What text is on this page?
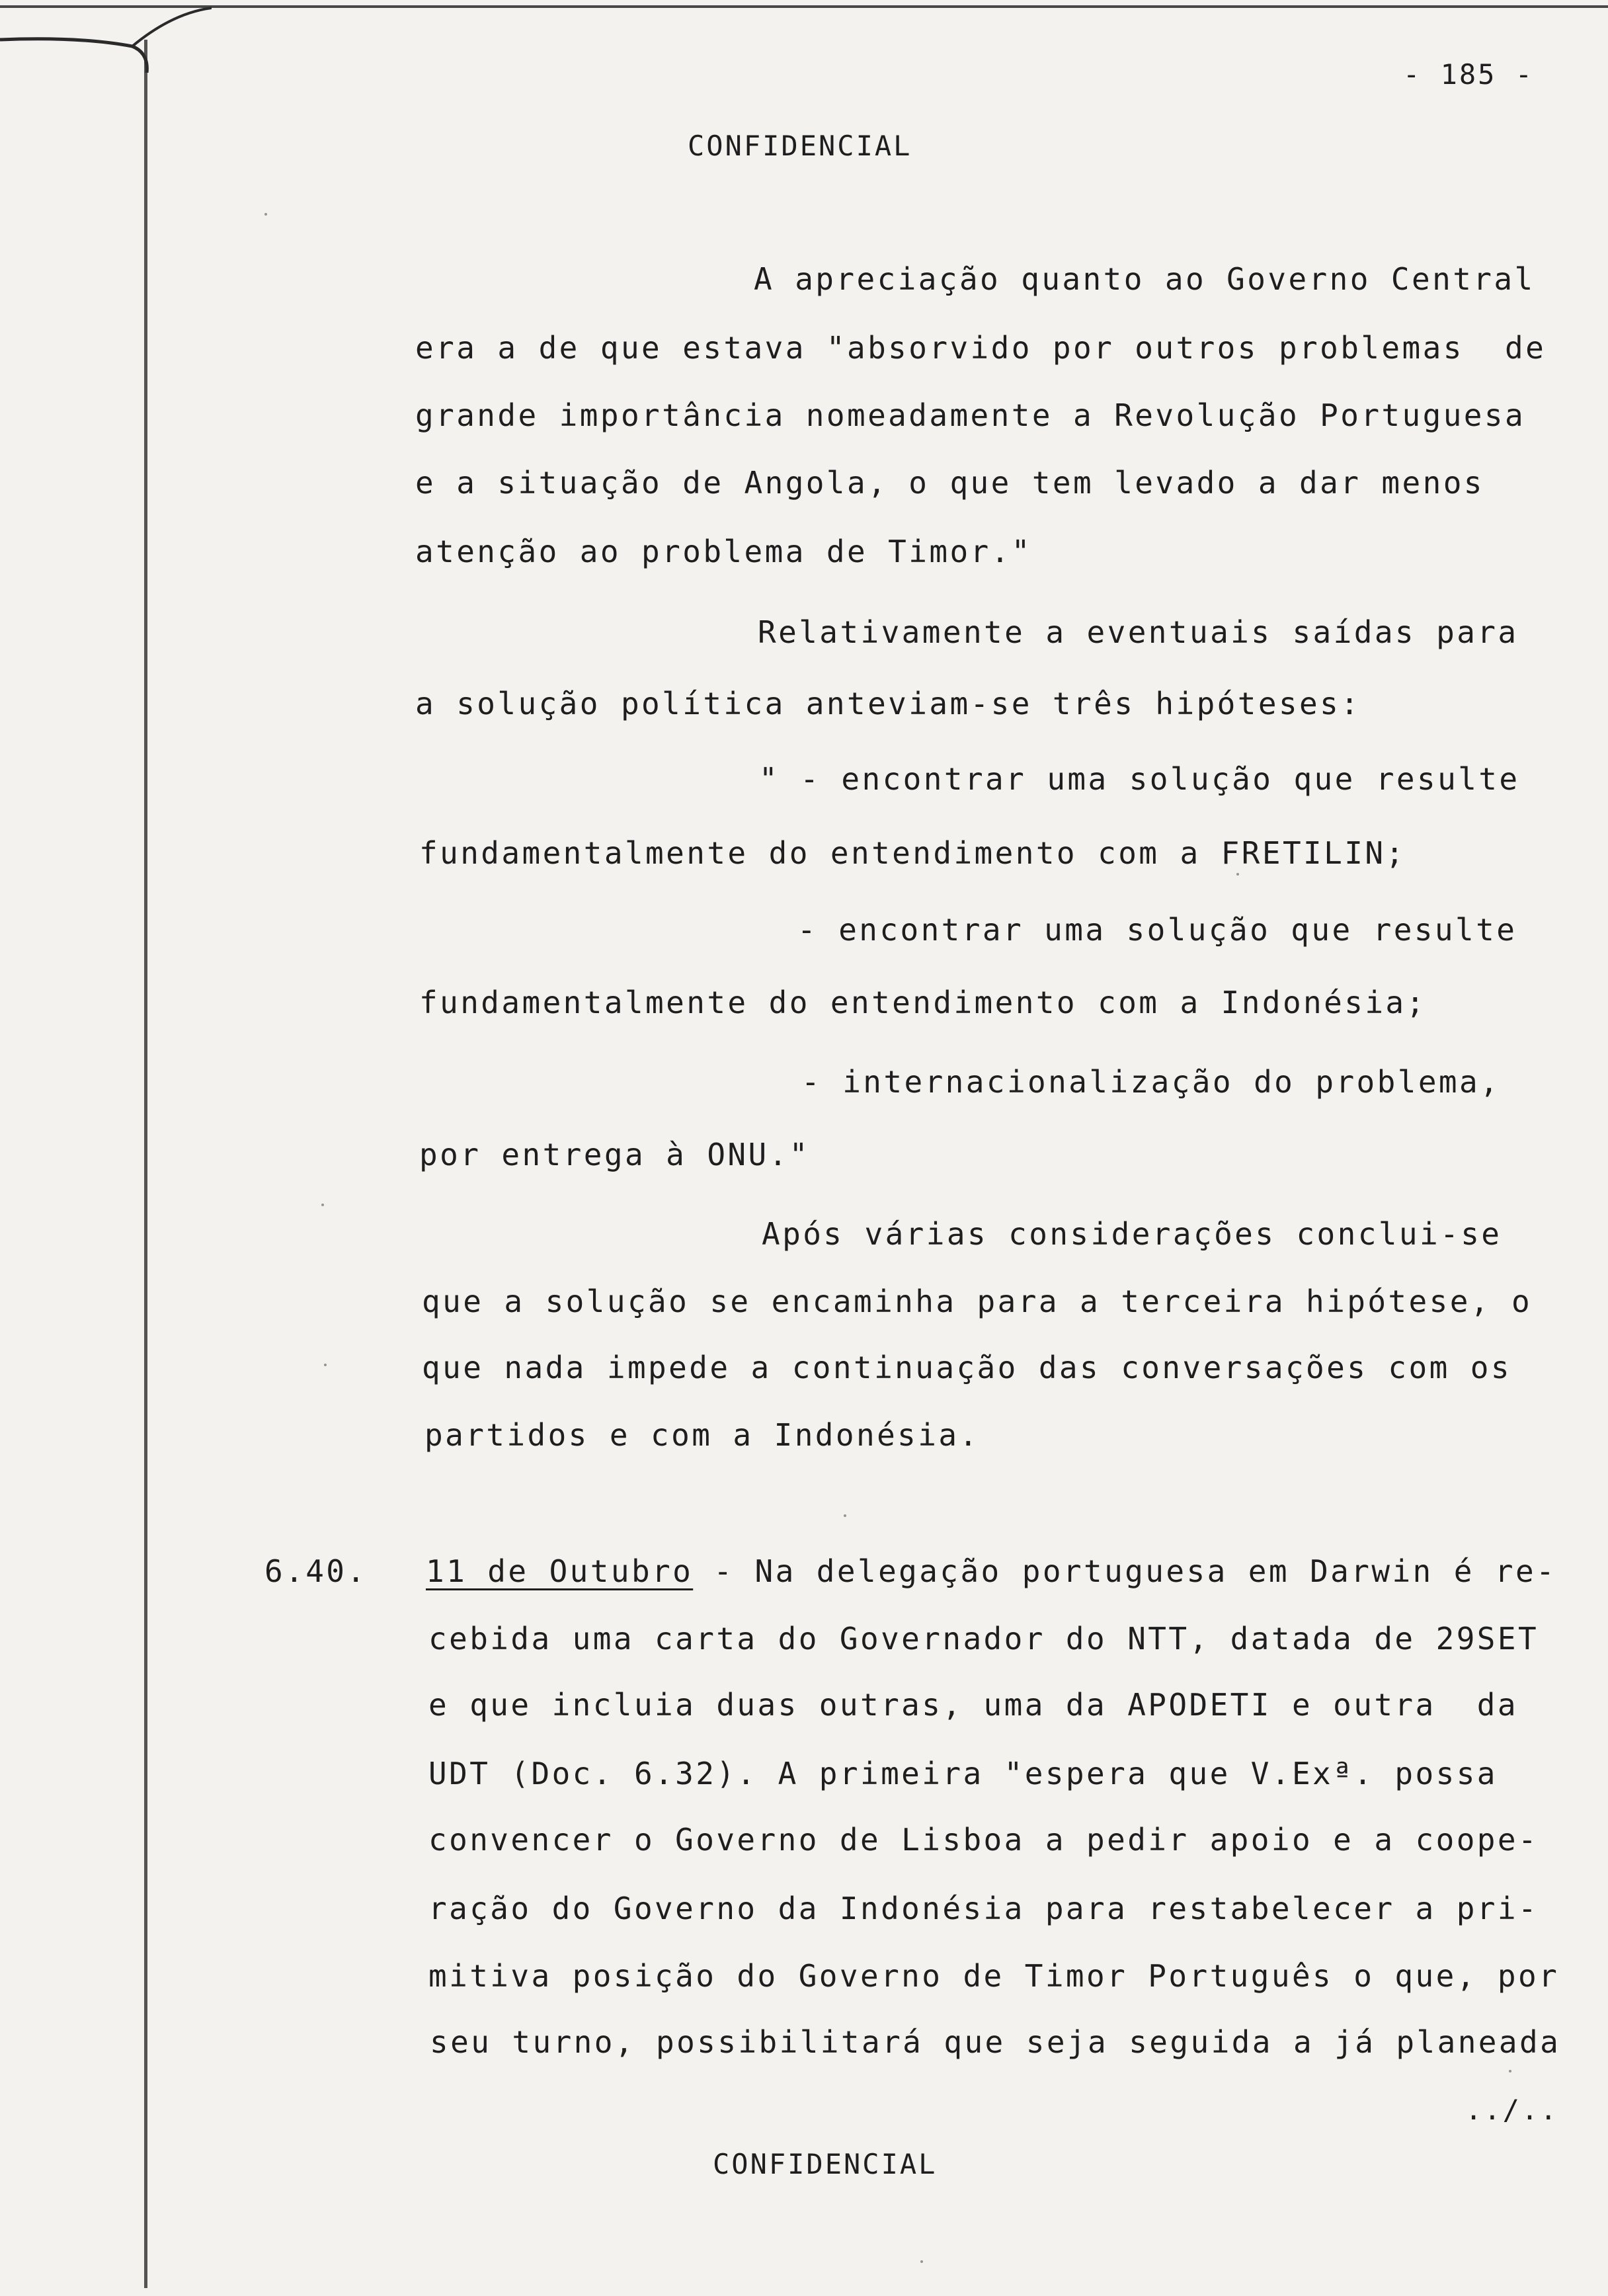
- 185 -
CONFIDENCIAL
A apreciação quanto ao Governo Central
era a de que estava "absorvido por outros problemas  de
grande importância nomeadamente a Revolução Portuguesa
e a situação de Angola, o que tem levado a dar menos
atenção ao problema de Timor."
Relativamente a eventuais saídas para
a solução política anteviam-se três hipóteses:
" - encontrar uma solução que resulte
fundamentalmente do entendimento com a FRETILIN;
- encontrar uma solução que resulte
fundamentalmente do entendimento com a Indonésia;
- internacionalização do problema,
por entrega à ONU."
Após várias considerações conclui-se
que a solução se encaminha para a terceira hipótese, o
que nada impede a continuação das conversações com os
partidos e com a Indonésia.
6.40. 11 de Outubro - Na delegação portuguesa em Darwin é re-
cebida uma carta do Governador do NTT, datada de 29SET
e que incluia duas outras, uma da APODETI e outra  da
UDT (Doc. 6.32). A primeira "espera que V.Exª. possa
convencer o Governo de Lisboa a pedir apoio e a coope-
ração do Governo da Indonésia para restabelecer a pri-
mitiva posição do Governo de Timor Português o que, por
seu turno, possibilitará que seja seguida a já planeada
../..
CONFIDENCIAL
